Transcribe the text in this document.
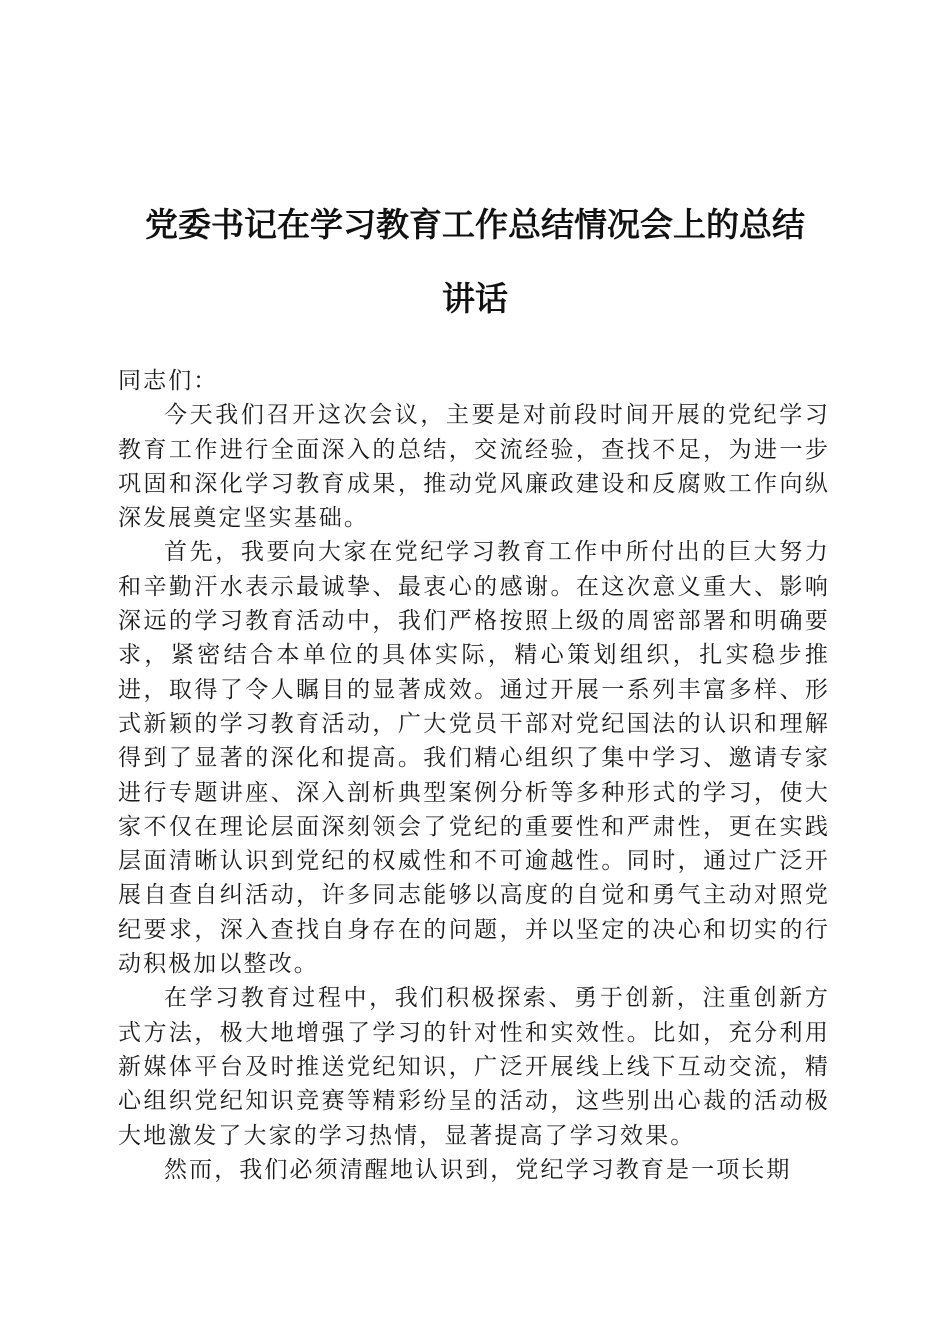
党委书记在学习教育工作总结情况会上的总结
讲话

同志们：

今天我们召开这次会议，主要是对前段时间开展的党纪学习教育工作进行全面深入的总结，交流经验，查找不足，为进一步巩固和深化学习教育成果，推动党风廉政建设和反腐败工作向纵深发展奠定坚实基础。

首先，我要向大家在党纪学习教育工作中所付出的巨大努力和辛勤汗水表示最诚挚、最衷心的感谢。在这次意义重大、影响深远的学习教育活动中，我们严格按照上级的周密部署和明确要求，紧密结合本单位的具体实际，精心策划组织，扎实稳步推进，取得了令人瞩目的显著成效。通过开展一系列丰富多样、形式新颖的学习教育活动，广大党员干部对党纪国法的认识和理解得到了显著的深化和提高。我们精心组织了集中学习、邀请专家进行专题讲座、深入剖析典型案例分析等多种形式的学习，使大家不仅在理论层面深刻领会了党纪的重要性和严肃性，更在实践层面清晰认识到党纪的权威性和不可逾越性。同时，通过广泛开展自查自纠活动，许多同志能够以高度的自觉和勇气主动对照党纪要求，深入查找自身存在的问题，并以坚定的决心和切实的行动积极加以整改。

在学习教育过程中，我们积极探索、勇于创新，注重创新方式方法，极大地增强了学习的针对性和实效性。比如，充分利用新媒体平台及时推送党纪知识，广泛开展线上线下互动交流，精心组织党纪知识竞赛等精彩纷呈的活动，这些别出心裁的活动极大地激发了大家的学习热情，显著提高了学习效果。

然而，我们必须清醒地认识到，党纪学习教育是一项长期
